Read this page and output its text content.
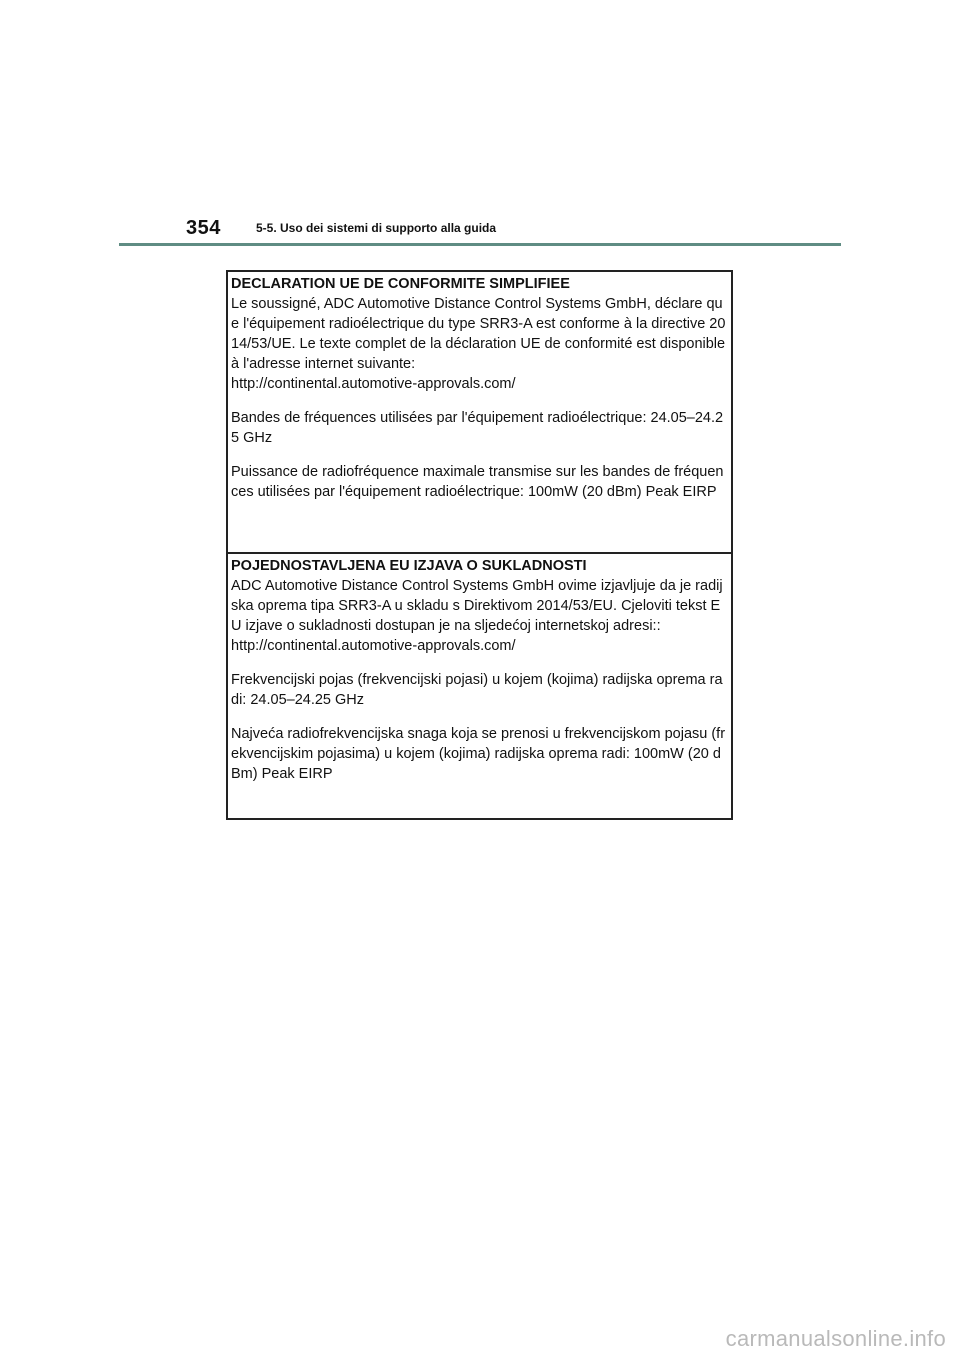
354	5-5. Uso dei sistemi di supporto alla guida

DECLARATION UE DE CONFORMITE SIMPLIFIEE

Le soussigné, ADC Automotive Distance Control Systems GmbH, déclare que l'équipement radioélectrique du type SRR3-A est conforme à la directive 2014/53/UE. Le texte complet de la déclaration UE de conformité est disponible à l'adresse internet suivante:

http://continental.automotive-approvals.com/

Bandes de fréquences utilisées par l'équipement radioélectrique: 24.05–24.25 GHz

Puissance de radiofréquence maximale transmise sur les bandes de fréquences utilisées par l'équipement radioélectrique: 100mW (20 dBm) Peak EIRP

POJEDNOSTAVLJENA EU IZJAVA O SUKLADNOSTI

ADC Automotive Distance Control Systems GmbH ovime izjavljuje da je radijska oprema tipa SRR3-A u skladu s Direktivom 2014/53/EU. Cjeloviti tekst EU izjave o sukladnosti dostupan je na sljedećoj internetskoj adresi::

http://continental.automotive-approvals.com/

Frekvencijski pojas (frekvencijski pojasi) u kojem (kojima) radijska oprema radi: 24.05–24.25 GHz

Najveća radiofrekvencijska snaga koja se prenosi u frekvencijskom pojasu (frekvencijskim pojasima) u kojem (kojima) radijska oprema radi: 100mW (20 dBm) Peak EIRP

carmanualsonline.info
